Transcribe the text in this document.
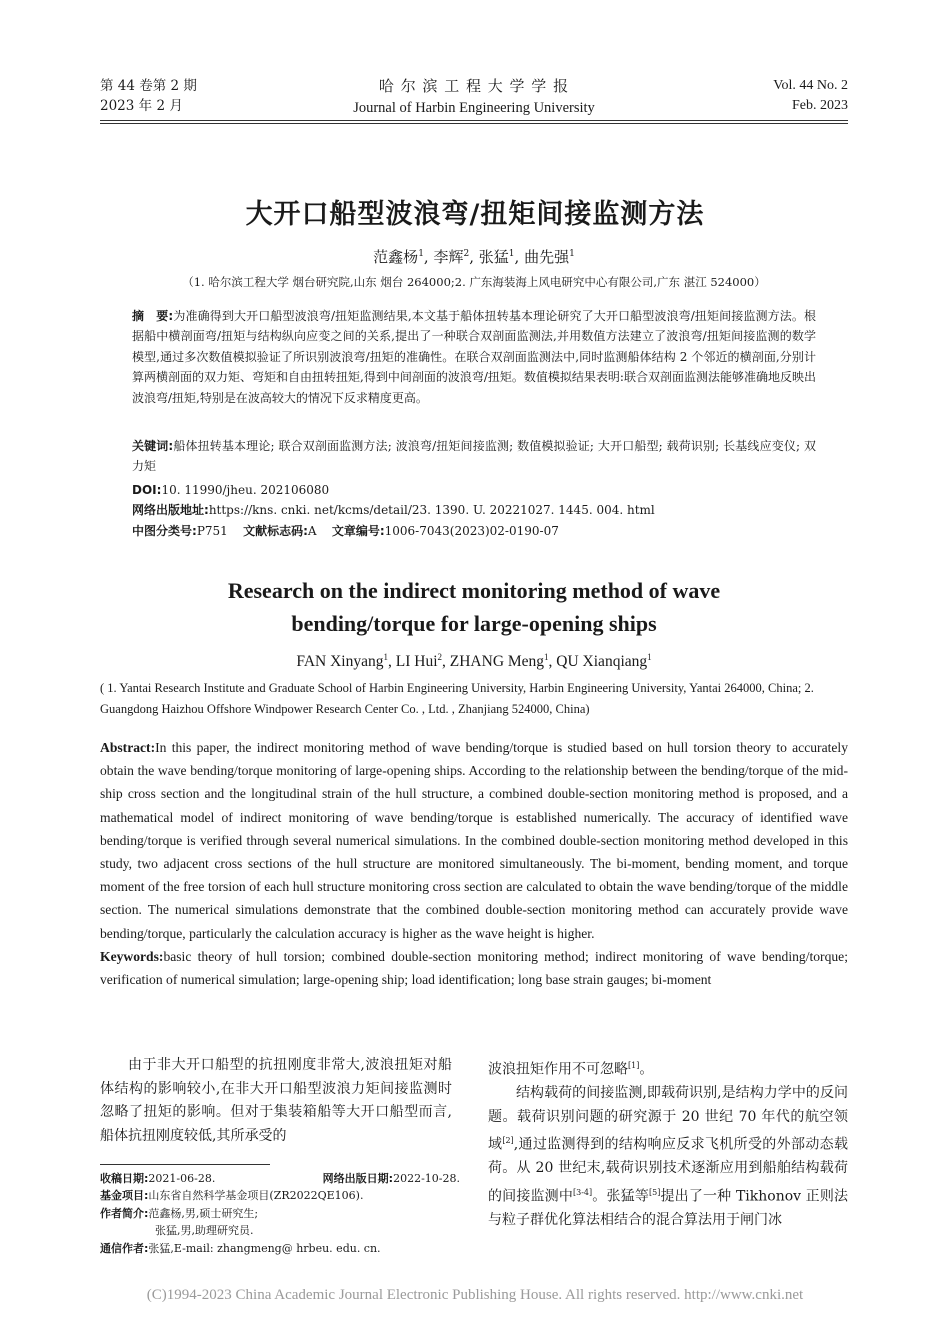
第 44 卷第 2 期
2023 年 2 月
哈 尔 滨 工 程 大 学 学 报
Journal of Harbin Engineering University
Vol. 44 No. 2
Feb. 2023
大开口船型波浪弯/扭矩间接监测方法
范鑫杨$^1$, 李辉$^2$, 张猛$^1$, 曲先强$^1$
（1. 哈尔滨工程大学 烟台研究院,山东 烟台 264000;2. 广东海装海上风电研究中心有限公司,广东 湛江 524000）
摘　要:为准确得到大开口船型波浪弯/扭矩监测结果,本文基于船体扭转基本理论研究了大开口船型波浪弯/扭矩间接监测方法。根据船中横剖面弯/扭矩与结构纵向应变之间的关系,提出了一种联合双剖面监测法,并用数值方法建立了波浪弯/扭矩间接监测的数学模型,通过多次数值模拟验证了所识别波浪弯/扭矩的准确性。在联合双剖面监测法中,同时监测船体结构 2 个邻近的横剖面,分别计算两横剖面的双力矩、弯矩和自由扭转扭矩,得到中间剖面的波浪弯/扭矩。数值模拟结果表明:联合双剖面监测法能够准确地反映出波浪弯/扭矩,特别是在波高较大的情况下反求精度更高。
关键词:船体扭转基本理论; 联合双剖面监测方法; 波浪弯/扭矩间接监测; 数值模拟验证; 大开口船型; 载荷识别; 长基线应变仪; 双力矩
DOI:10. 11990/jheu. 202106080
网络出版地址:https://kns. cnki. net/kcms/detail/23. 1390. U. 20221027. 1445. 004. html
中图分类号:P751 文献标志码:A 文章编号:1006-7043(2023)02-0190-07
Research on the indirect monitoring method of wave
bending/torque for large-opening ships
FAN Xinyang$^1$, LI Hui$^2$, ZHANG Meng$^1$, QU Xianqiang$^1$
( 1. Yantai Research Institute and Graduate School of Harbin Engineering University, Harbin Engineering University, Yantai 264000, China; 2. Guangdong Haizhou Offshore Windpower Research Center Co. , Ltd. , Zhanjiang 524000, China)
Abstract:In this paper, the indirect monitoring method of wave bending/torque is studied based on hull torsion theory to accurately obtain the wave bending/torque monitoring of large-opening ships. According to the relationship between the bending/torque of the mid-ship cross section and the longitudinal strain of the hull structure, a combined double-section monitoring method is proposed, and a mathematical model of indirect monitoring of wave bending/torque is established numerically. The accuracy of identified wave bending/torque is verified through several numerical simulations. In the combined double-section monitoring method developed in this study, two adjacent cross sections of the hull structure are monitored simultaneously. The bi-moment, bending moment, and torque moment of the free torsion of each hull structure monitoring cross section are calculated to obtain the wave bending/torque of the middle section. The numerical simulations demonstrate that the combined double-section monitoring method can accurately provide wave bending/torque, particularly the calculation accuracy is higher as the wave height is higher.
Keywords:basic theory of hull torsion; combined double-section monitoring method; indirect monitoring of wave bending/torque; verification of numerical simulation; large-opening ship; load identification; long base strain gauges; bi-moment

由于非大开口船型的抗扭刚度非常大,波浪扭矩对船体结构的影响较小,在非大开口船型波浪力矩间接监测时忽略了扭矩的影响。但对于集装箱船等大开口船型而言,船体抗扭刚度较低,其所承受的

波浪扭矩作用不可忽略[1]。

结构载荷的间接监测,即载荷识别,是结构力学中的反问题。载荷识别问题的研究源于 20 世纪 70 年代的航空领域[2],通过监测得到的结构响应反求飞机所受的外部动态载荷。从 20 世纪末,载荷识别技术逐渐应用到船舶结构载荷的间接监测中[3-4]。张猛等[5]提出了一种 Tikhonov 正则法与粒子群优化算法相结合的混合算法用于闸门冰

收稿日期:2021-06-28.	网络出版日期:2022-10-28.
基金项目:山东省自然科学基金项目(ZR2022QE106).
作者简介:范鑫杨,男,硕士研究生;
张猛,男,助理研究员.
通信作者:张猛,E-mail: zhangmeng@ hrbeu. edu. cn.
(C)1994-2023 China Academic Journal Electronic Publishing House. All rights reserved. http://www.cnki.net
